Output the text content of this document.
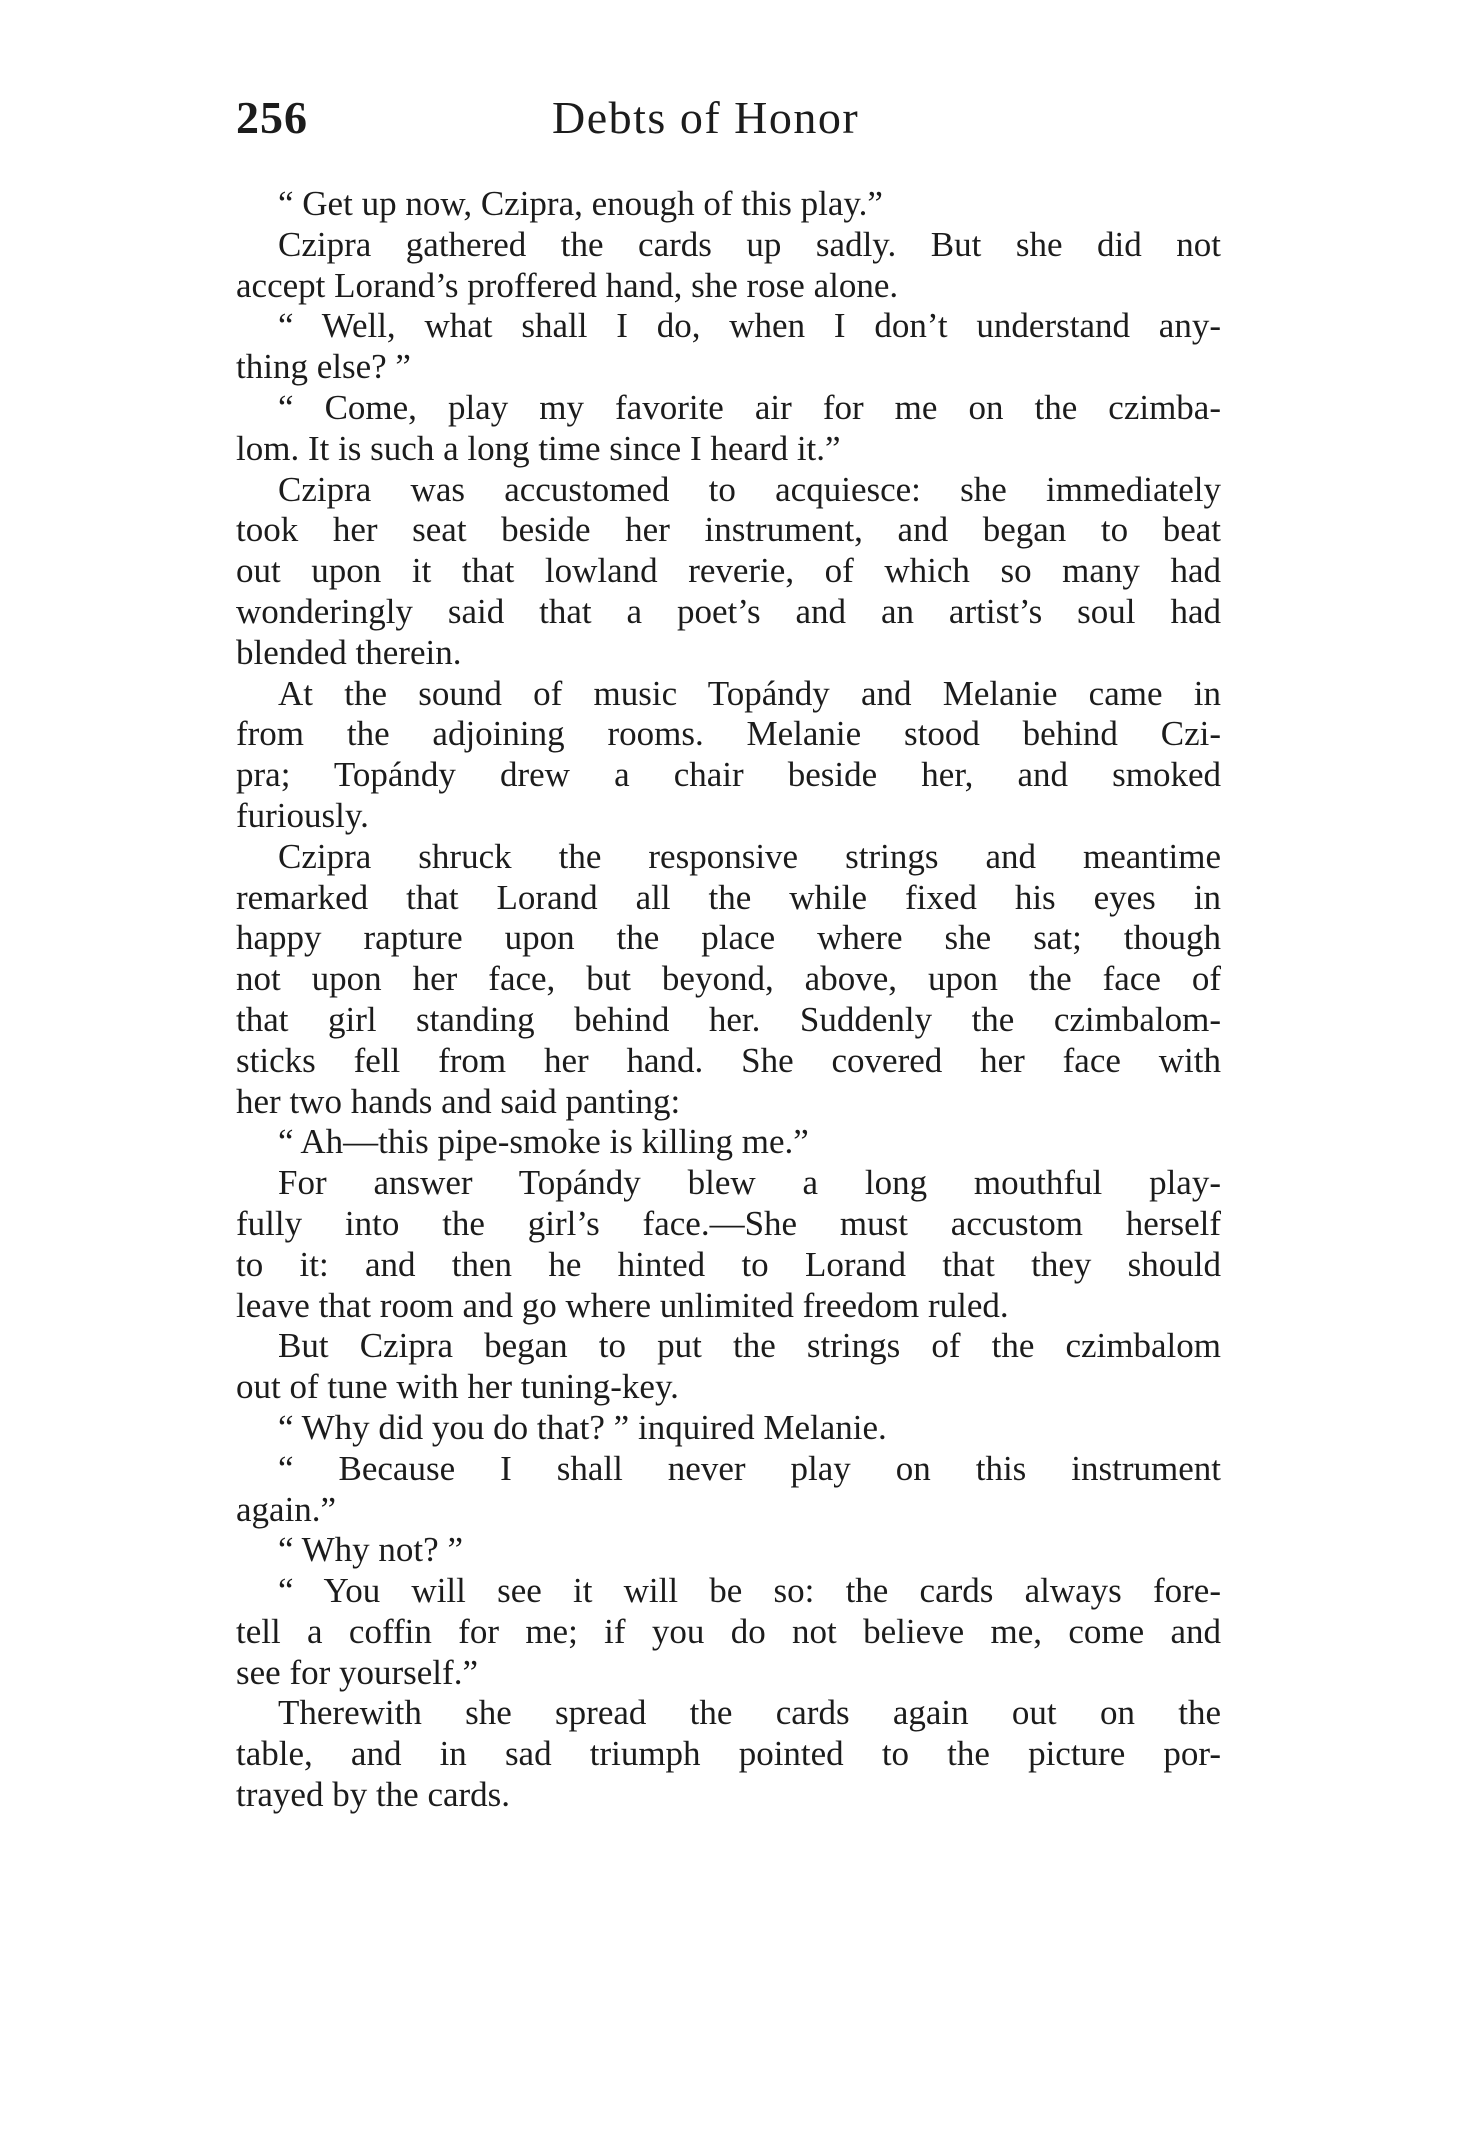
256	Debts of Honor
“ Get up now, Czipra, enough of this play.”
Czipra gathered the cards up sadly. But she did not
accept Lorand’s proffered hand, she rose alone.
“ Well, what shall I do, when I don’t understand any-
thing else? ”
“ Come, play my favorite air for me on the czimba-
lom. It is such a long time since I heard it.”
Czipra was accustomed to acquiesce: she immediately
took her seat beside her instrument, and began to beat
out upon it that lowland reverie, of which so many had
wonderingly said that a poet’s and an artist’s soul had
blended therein.
At the sound of music Topándy and Melanie came in
from the adjoining rooms. Melanie stood behind Czi-
pra; Topándy drew a chair beside her, and smoked
furiously.
Czipra shruck the responsive strings and meantime
remarked that Lorand all the while fixed his eyes in
happy rapture upon the place where she sat; though
not upon her face, but beyond, above, upon the face of
that girl standing behind her. Suddenly the czimbalom-
sticks fell from her hand. She covered her face with
her two hands and said panting:
“ Ah—this pipe-smoke is killing me.”
For answer Topándy blew a long mouthful play-
fully into the girl’s face.—She must accustom herself
to it: and then he hinted to Lorand that they should
leave that room and go where unlimited freedom ruled.
But Czipra began to put the strings of the czimbalom
out of tune with her tuning-key.
“ Why did you do that? ” inquired Melanie.
“ Because I shall never play on this instrument
again.”
“ Why not? ”
“ You will see it will be so: the cards always fore-
tell a coffin for me; if you do not believe me, come and
see for yourself.”
Therewith she spread the cards again out on the
table, and in sad triumph pointed to the picture por-
trayed by the cards.
